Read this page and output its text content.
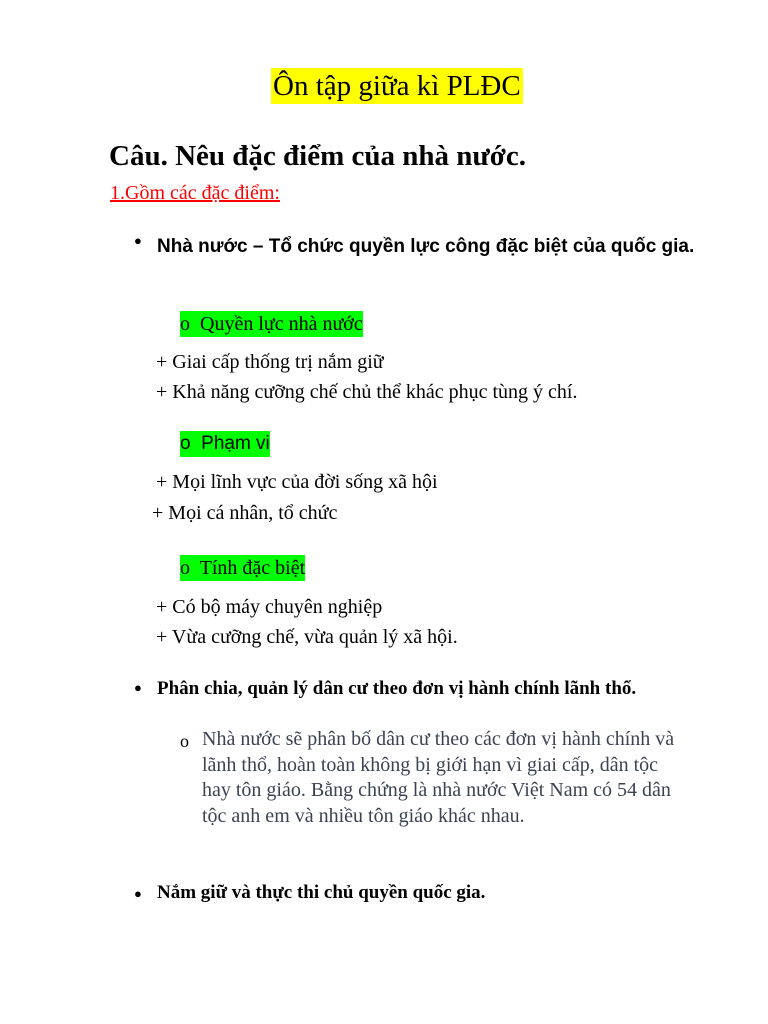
Ôn tập giữa kì PLĐC
Câu. Nêu đặc điểm của nhà nước.
1.Gồm các đặc điểm:
● Nhà nước – Tổ chức quyền lực công đặc biệt của quốc gia.
o Quyền lực nhà nước
+ Giai cấp thống trị nắm giữ
+ Khả năng cưỡng chế chủ thể khác phục tùng ý chí.
o Phạm vi
+ Mọi lĩnh vực của đời sống xã hội
+ Mọi cá nhân, tổ chức
o Tính đặc biệt
+ Có bộ máy chuyên nghiệp
+ Vừa cưỡng chế, vừa quản lý xã hội.
● Phân chia, quản lý dân cư theo đơn vị hành chính lãnh thổ.
o Nhà nước sẽ phân bố dân cư theo các đơn vị hành chính và lãnh thổ, hoàn toàn không bị giới hạn vì giai cấp, dân tộc hay tôn giáo. Bằng chứng là nhà nước Việt Nam có 54 dân tộc anh em và nhiều tôn giáo khác nhau.
● Nắm giữ và thực thi chủ quyền quốc gia.
